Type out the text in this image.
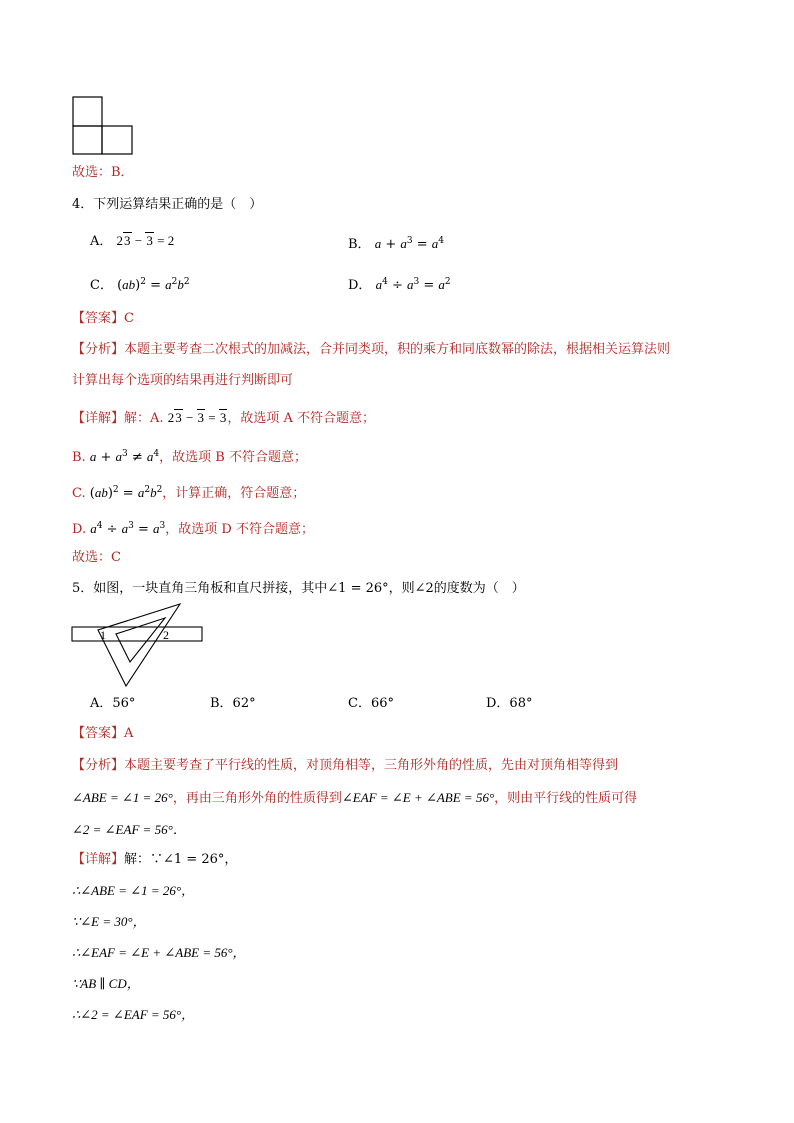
故选：B．
4．下列运算结果正确的是（　）
A． 23 − 3 = 2	B． $a + a^3 = a^4$
C． $(ab)^2 = a^2b^2$	D． $a^4 \div a^3 = a^2$
【答案】C
【分析】本题主要考查二次根式的加减法，合并同类项，积的乘方和同底数幂的除法，根据相关运算法则
计算出每个选项的结果再进行判断即可
【详解】解：A. 23 − 3 = 3，故选项 A 不符合题意；
B. $a + a^3 \ne a^4$，故选项 B 不符合题意；
C. $(ab)^2 = a^2b^2$，计算正确，符合题意；
D. $a^4 \div a^3 = a^3$，故选项 D 不符合题意；
故选：C
5．如图，一块直角三角板和直尺拼接，其中∠1 = 26°，则∠2的度数为（　）
1	2
A．56°	B．62°	C．66°	D．68°
【答案】A
【分析】本题主要考查了平行线的性质，对顶角相等，三角形外角的性质，先由对顶角相等得到
∠ABE = ∠1 = 26°，再由三角形外角的性质得到∠EAF = ∠E + ∠ABE = 56°，则由平行线的性质可得
∠2 = ∠EAF = 56°．
【详解】解：∵∠1 = 26°，
∴∠ABE = ∠1 = 26°，
∵∠E = 30°，
∴∠EAF = ∠E + ∠ABE = 56°，
∵AB ∥ CD，
∴∠2 = ∠EAF = 56°，
